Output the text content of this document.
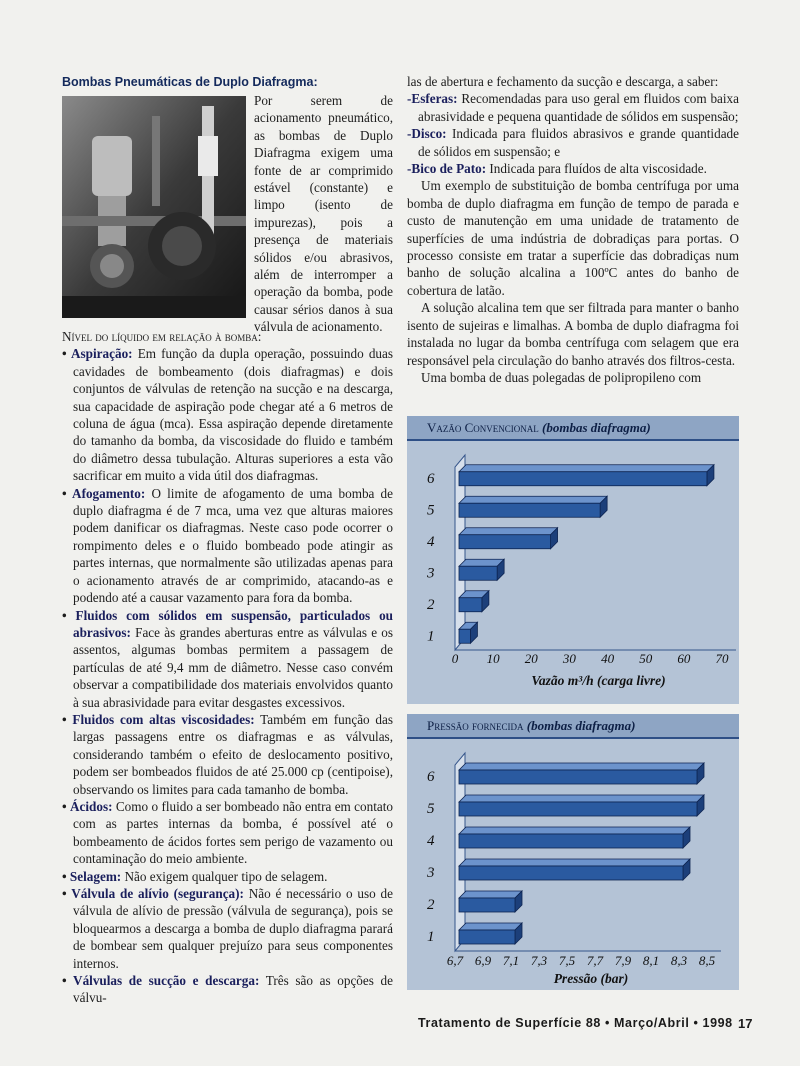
Bombas Pneumáticas de Duplo Diafragma:
Por serem de acionamento pneumático, as bombas de Duplo Diafragma exigem uma fonte de ar comprimido estável (constante) e limpo (isento de impurezas), pois a presença de materiais sólidos e/ou abrasivos, além de interromper a operação da bomba, pode causar sérios danos à sua válvula de acionamento.
Nível do líquido em relação à bomba:

• Aspiração: Em função da dupla operação, possuindo duas cavidades de bombeamento (dois diafragmas) e dois conjuntos de válvulas de retenção na sucção e na descarga, sua capacidade de aspiração pode chegar até a 6 metros de coluna de água (mca). Essa aspiração depende diretamente do tamanho da bomba, da viscosidade do fluido e também do diâmetro dessa tubulação. Alturas superiores a esta vão sacrificar em muito a vida útil dos diafragmas.

• Afogamento: O limite de afogamento de uma bomba de duplo diafragma é de 7 mca, uma vez que alturas maiores podem danificar os diafragmas. Neste caso pode ocorrer o rompimento deles e o fluido bombeado pode atingir as partes internas, que normalmente são utilizadas apenas para o acionamento através de ar comprimido, atacando-as e podendo até a causar vazamento para fora da bomba.

• Fluidos com sólidos em suspensão, particulados ou abrasivos: Face às grandes aberturas entre as válvulas e os assentos, algumas bombas permitem a passagem de partículas de até 9,4 mm de diâmetro. Nesse caso convém observar a compatibilidade dos materiais envolvidos quanto à sua abrasividade para evitar desgastes excessivos.

• Fluidos com altas viscosidades: Também em função das largas passagens entre os diafragmas e as válvulas, considerando também o efeito de deslocamento positivo, podem ser bombeados fluidos de até 25.000 cp (centipoise), observando os limites para cada tamanho de bomba.

• Ácidos: Como o fluido a ser bombeado não entra em contato com as partes internas da bomba, é possível até o bombeamento de ácidos fortes sem perigo de vazamento ou contaminação do meio ambiente.

• Selagem: Não exigem qualquer tipo de selagem.

• Válvula de alívio (segurança): Não é necessário o uso de válvula de alívio de pressão (válvula de segurança), pois se bloquearmos a descarga a bomba de duplo diafragma parará de bombear sem qualquer prejuízo para seus componentes internos.

• Válvulas de sucção e descarga: Três são as opções de válvu-

las de abertura e fechamento da sucção e descarga, a saber:

-Esferas: Recomendadas para uso geral em fluidos com baixa abrasividade e pequena quantidade de sólidos em suspensão;

-Disco: Indicada para fluidos abrasivos e grande quantidade de sólidos em suspensão; e

-Bico de Pato: Indicada para fluídos de alta viscosidade.

Um exemplo de substituição de bomba centrífuga por uma bomba de duplo diafragma em função de tempo de parada e custo de manutenção em uma unidade de tratamento de superfícies de uma indústria de dobradiças para portas. O processo consiste em tratar a superfície das dobradiças num banho de solução alcalina a 100ºC antes do banho de cobertura de latão.

A solução alcalina tem que ser filtrada para manter o banho isento de sujeiras e limalhas. A bomba de duplo diafragma foi instalada no lugar da bomba centrífuga com selagem que era responsável pela circulação do banho através dos filtros-cesta.

Uma bomba de duas polegadas de polipropileno com

Vazão Convencional (bombas diafragma)
1
2
3
4
5
6
0 10 20 30 40 50 60 70
Vazão m³/h (carga livre)
Pressão fornecida (bombas diafragma)
1
2
3
4
5
6
6,7 6,9 7,1 7,3 7,5 7,7 7,9 8,1 8,3 8,5
Pressão (bar)
Tratamento de Superfície 88 • Março/Abril • 1998 17
